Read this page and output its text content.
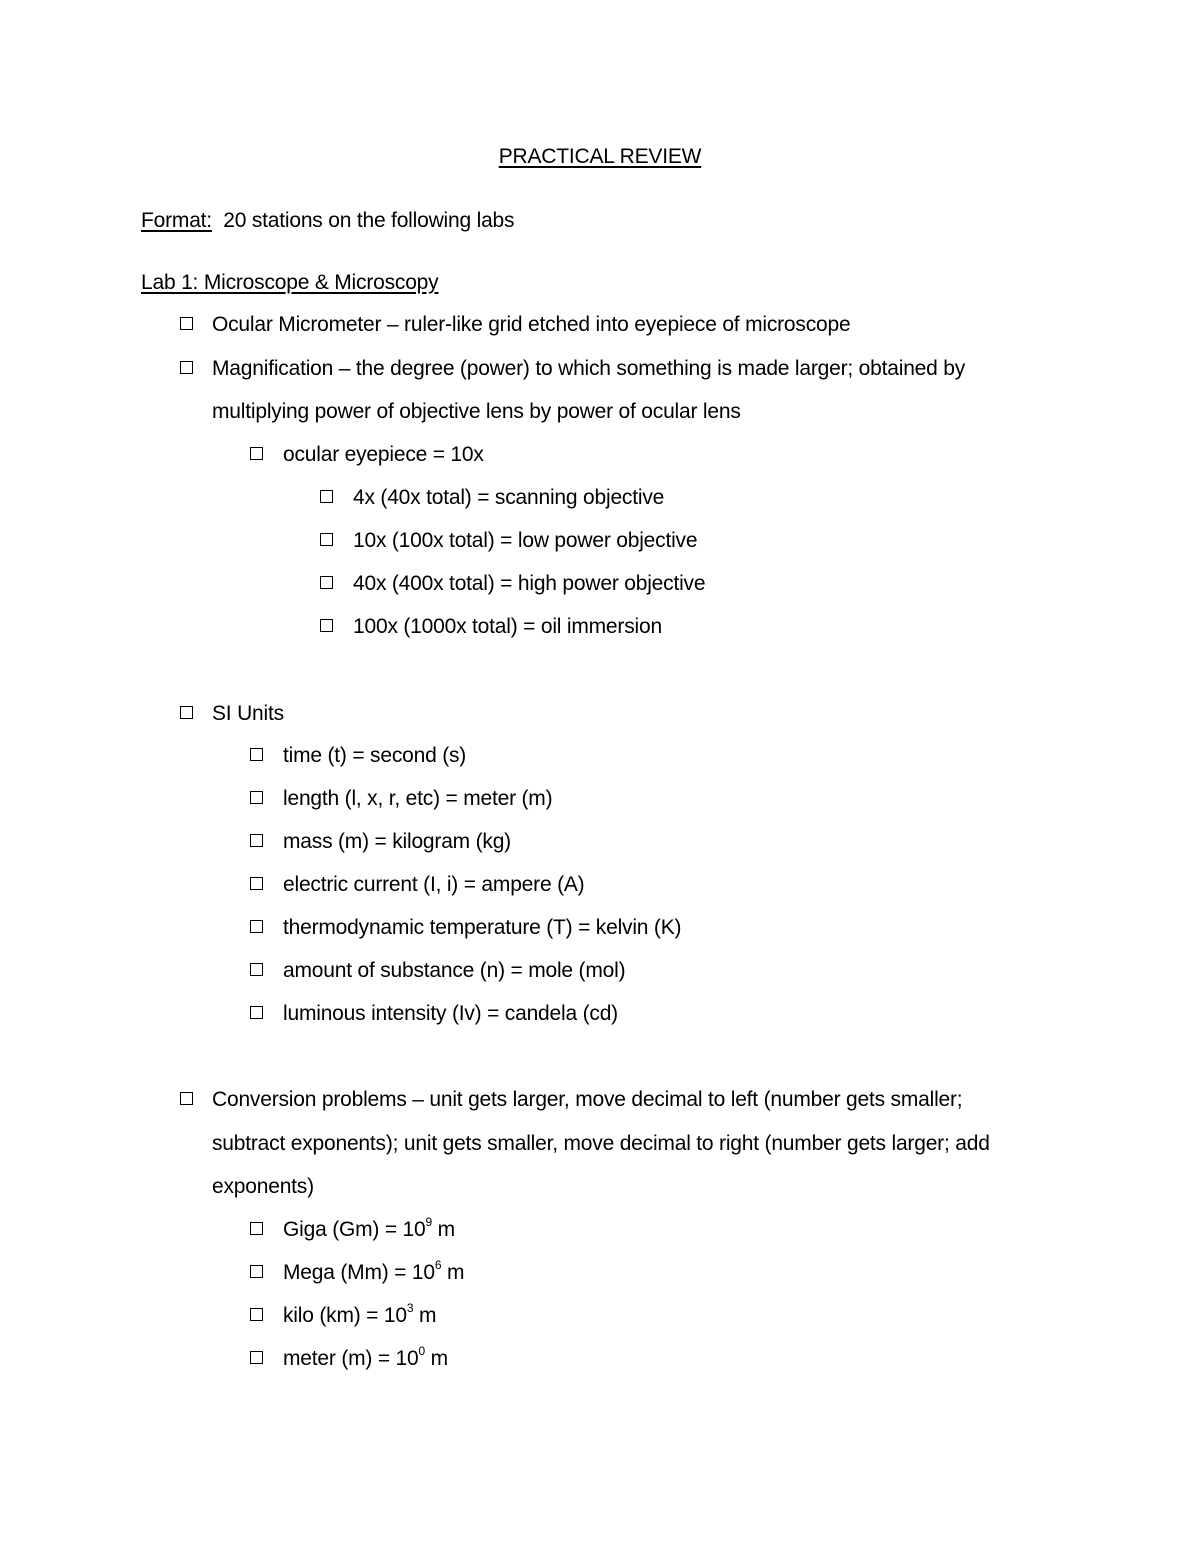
PRACTICAL REVIEW
Format: 20 stations on the following labs
Lab 1: Microscope & Microscopy
Ocular Micrometer – ruler-like grid etched into eyepiece of microscope
Magnification – the degree (power) to which something is made larger; obtained by
multiplying power of objective lens by power of ocular lens
ocular eyepiece = 10x
4x (40x total) = scanning objective
10x (100x total) = low power objective
40x (400x total) = high power objective
100x (1000x total) = oil immersion
SI Units
time (t) = second (s)
length (l, x, r, etc) = meter (m)
mass (m) = kilogram (kg)
electric current (I, i) = ampere (A)
thermodynamic temperature (T) = kelvin (K)
amount of substance (n) = mole (mol)
luminous intensity (Iv) = candela (cd)
Conversion problems – unit gets larger, move decimal to left (number gets smaller;
subtract exponents); unit gets smaller, move decimal to right (number gets larger; add
exponents)
Giga $(Gm) = 10^9$ m
Mega $(Mm) = 10^6$ m
kilo $(km) = 10^3$ m
meter $(m) = 10^0$ m
